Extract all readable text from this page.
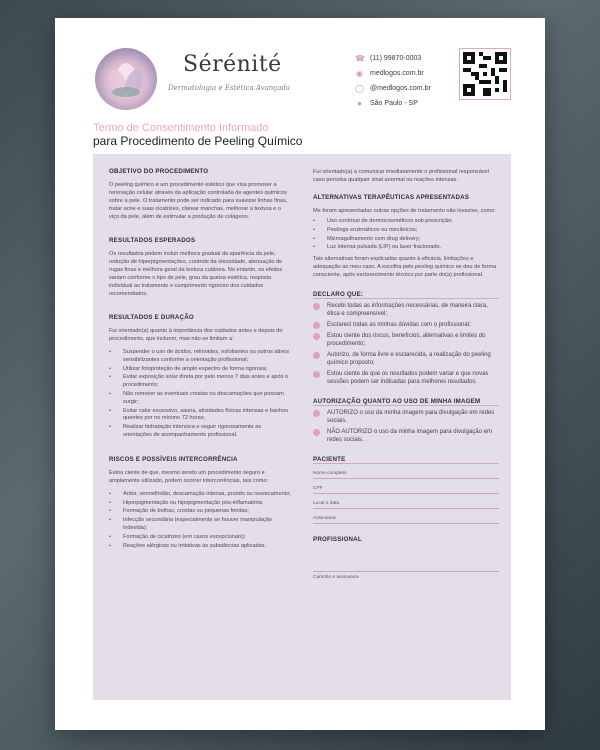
Sérénité
Dermatologia e Estética Avançada
☎ (11) 99870-0003
◉ medlogos.com.br
◯ @medlogos.com.br
● São Paulo - SP
Termo de Consentimento Informado
para Procedimento de Peeling Químico
OBJETIVO DO PROCEDIMENTO
O peeling químico é um procedimento estético que visa promover a renovação celular através da aplicação controlada de agentes químicos sobre a pele. O tratamento pode ser indicado para suavizar linhas finas, tratar acne e suas cicatrizes, clarear manchas, melhorar a textura e o viço da pele, além de estimular a produção de colágeno.
RESULTADOS ESPERADOS
Os resultados podem incluir melhora gradual da aparência da pele, redução de hiperpigmentações, controle da oleosidade, atenuação de rugas finas e melhora geral da textura cutânea. No entanto, os efeitos variam conforme o tipo de pele, grau da queixa estética, resposta individual ao tratamento e cumprimento rigoroso dos cuidados recomendados.
RESULTADOS E DURAÇÃO
Fui orientado(a) quanto à importância dos cuidados antes e depois do procedimento, que incluem, mas não se limitam a:
• Suspender o uso de ácidos, retinoides, esfoliantes ou outros ativos sensibilizantes conforme a orientação profissional;
• Utilizar fotoproteção de amplo espectro de forma rigorosa;
• Evitar exposição solar direta por pelo menos 7 dias antes e após o procedimento;
• Não remover as eventuais crostas ou descamações que possam surgir;
• Evitar calor excessivo, sauna, atividades físicas intensas e banhos quentes por no mínimo 72 horas;
• Realizar hidratação intensiva e seguir rigorosamente as orientações de acompanhamento profissional.
RISCOS E POSSÍVEIS INTERCORRÊNCIA
Estou ciente de que, mesmo sendo um procedimento seguro e amplamente utilizado, podem ocorrer intercorrências, tais como:
• Ardor, vermelhidão, descamação intensa, prurido ou ressecamento;
• Hiperpigmentação ou hipopigmentação pós-inflamatória;
• Formação de bolhas, crostas ou pequenas feridas;
• Infecção secundária (especialmente se houver manipulação indevida);
• Formação de cicatrizes (em casos excepcionais);
• Reações alérgicas ou irritativas às substâncias aplicadas.
Fui orientado(a) a comunicar imediatamente o profissional responsável caso perceba qualquer sinal anormal ou reações intensas.
ALTERNATIVAS TERAPÊUTICAS APRESENTADAS
Me foram apresentadas outras opções de tratamento não invasivo, como:
• Uso contínuo de dermocosméticos sob prescrição;
• Peelings enzimáticos ou mecânicos;
• Microagulhamento com drug delivery;
• Luz intensa pulsada (LIP) ou laser fracionado.
Tais alternativas foram explicadas quanto à eficácia, limitações e adequação ao meu caso. A escolha pelo peeling químico se deu de forma consciente, após esclarecimento técnico por parte do(a) profissional.
DECLARO QUE:
Recebi todas as informações necessárias, de maneira clara, ética e compreensível;
Esclareci todas as minhas dúvidas com o profissional;
Estou ciente dos riscos, benefícios, alternativas e limites do procedimento;
Autorizo, de forma livre e esclarecida, a realização do peeling químico proposto;
Estou ciente de que os resultados podem variar e que novas sessões podem ser indicadas para melhores resultados.
AUTORIZAÇÃO QUANTO AO USO DE MINHA IMAGEM
AUTORIZO o uso da minha imagem para divulgação em redes sociais.
NÃO AUTORIZO o uso da minha imagem para divulgação em redes sociais.
PACIENTE
Nome completo
CPF
Local e data
Assinatura
PROFISSIONAL
Carimbo e assinatura
